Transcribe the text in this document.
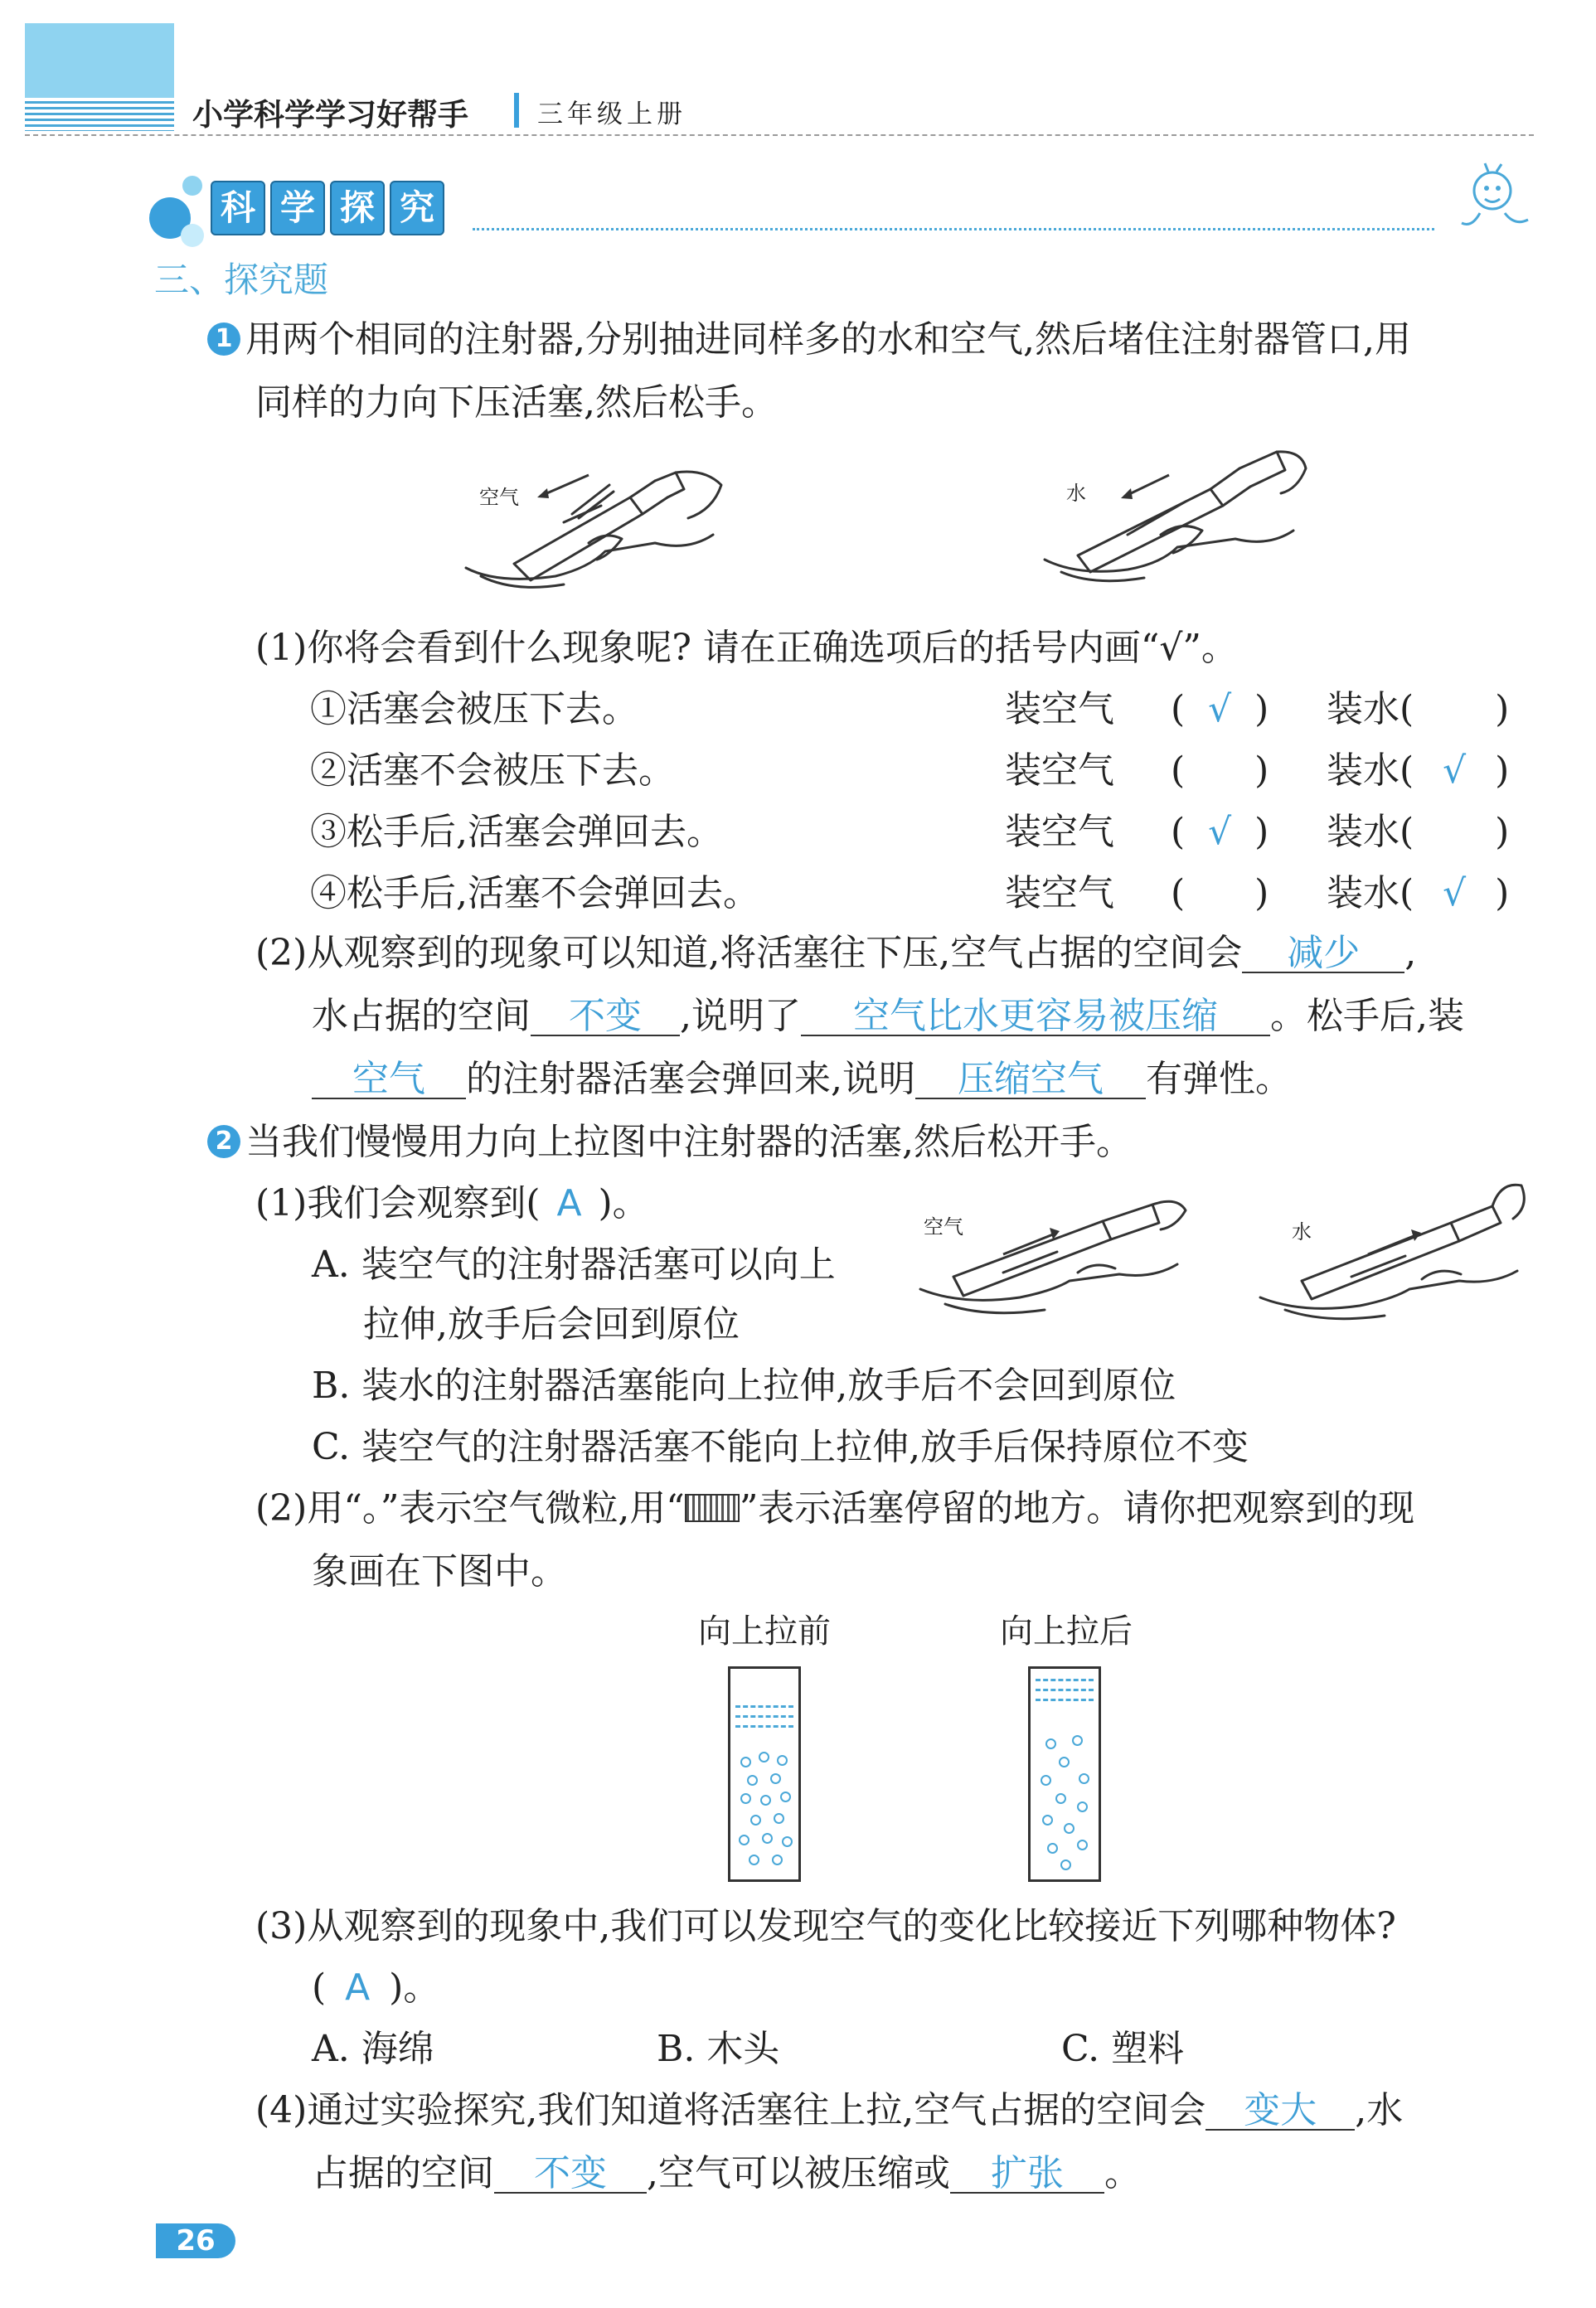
小学科学学习好帮手	三年级上册
科 学 探 究
三、探究题
1 用两个相同的注射器,分别抽进同样多的水和空气,然后堵住注射器管口,用
同样的力向下压活塞,然后松手。
空气	水
(1)你将会看到什么现象呢? 请在正确选项后的括号内画“√”。
①活塞会被压下去。	装空气 ( √ ) 装水 ( )
②活塞不会被压下去。	装空气 ( ) 装水 ( √ )
③松手后,活塞会弹回去。	装空气 ( √ ) 装水 ( )
④松手后,活塞不会弹回去。	装空气 ( ) 装水 ( √ )
(2)从观察到的现象可以知道,将活塞往下压,空气占据的空间会 减少 ,
水占据的空间 不变 ,说明了 空气比水更容易被压缩 。松手后,装
空气 的注射器活塞会弹回来,说明 压缩空气 有弹性。
2 当我们慢慢用力向上拉图中注射器的活塞,然后松开手。
(1)我们会观察到( A )。
A. 装空气的注射器活塞可以向上
拉伸,放手后会回到原位
B. 装水的注射器活塞能向上拉伸,放手后不会回到原位
C. 装空气的注射器活塞不能向上拉伸,放手后保持原位不变
空气	水
(2)用“。”表示空气微粒,用“ ”表示活塞停留的地方。请你把观察到的现
象画在下图中。
向上拉前	向上拉后
(3)从观察到的现象中,我们可以发现空气的变化比较接近下列哪种物体?
( A )。
A. 海绵	B. 木头	C. 塑料
(4)通过实验探究,我们知道将活塞往上拉,空气占据的空间会 变大 ,水
占据的空间 不变 ,空气可以被压缩或 扩张 。
26
